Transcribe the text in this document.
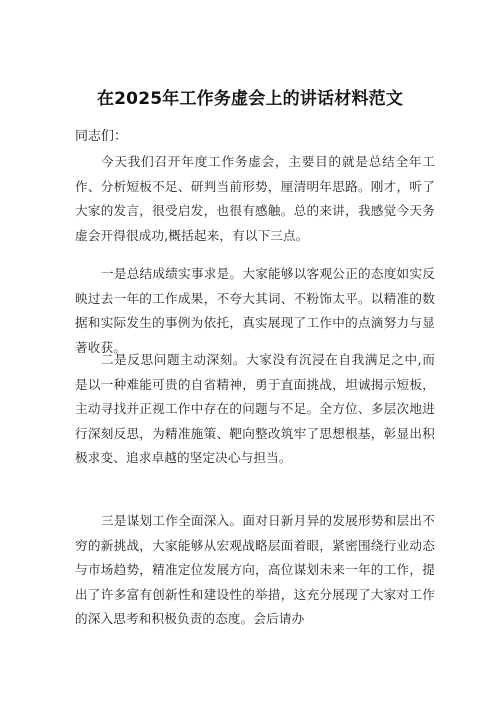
在2025年工作务虚会上的讲话材料范文

同志们：

今天我们召开年度工作务虚会，主要目的就是总结全年工作、分析短板不足、研判当前形势，厘清明年思路。刚才，听了大家的发言，很受启发，也很有感触。总的来讲，我感觉今天务虚会开得很成功,概括起来，有以下三点。

一是总结成绩实事求是。大家能够以客观公正的态度如实反映过去一年的工作成果，不夸大其词、不粉饰太平。以精准的数据和实际发生的事例为依托，真实展现了工作中的点滴努力与显著收获。

二是反思问题主动深刻。大家没有沉浸在自我满足之中,而是以一种难能可贵的自省精神，勇于直面挑战，坦诚揭示短板，主动寻找并正视工作中存在的问题与不足。全方位、多层次地进行深刻反思，为精准施策、靶向整改筑牢了思想根基，彰显出积极求变、追求卓越的坚定决心与担当。

三是谋划工作全面深入。面对日新月异的发展形势和层出不穷的新挑战，大家能够从宏观战略层面着眼，紧密围绕行业动态与市场趋势，精准定位发展方向，高位谋划未来一年的工作，提出了许多富有创新性和建设性的举措，这充分展现了大家对工作的深入思考和积极负责的态度。会后请办
